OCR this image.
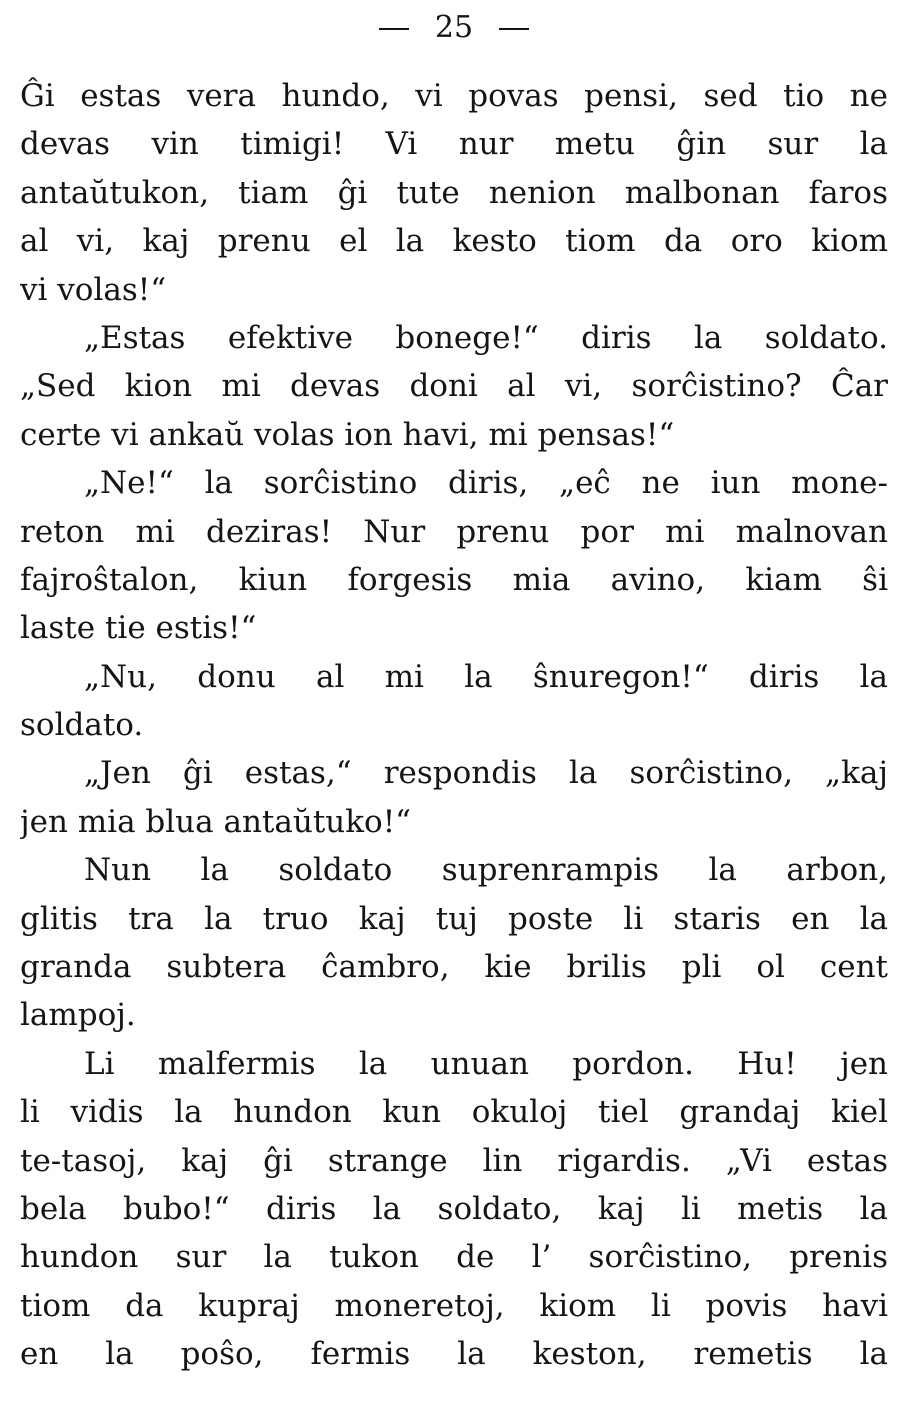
25
Ĝi estas vera hundo, vi povas pensi, sed tio ne
devas vin timigi! Vi nur metu ĝin sur la
antaŭtukon, tiam ĝi tute nenion malbonan faros
al vi, kaj prenu el la kesto tiom da oro kiom
vi volas!“
„Estas efektive bonege!“ diris la soldato.
„Sed kion mi devas doni al vi, sorĉistino? Ĉar
certe vi ankaŭ volas ion havi, mi pensas!“
„Ne!“ la sorĉistino diris, „eĉ ne iun mone-
reton mi deziras! Nur prenu por mi malnovan
fajroŝtalon, kiun forgesis mia avino, kiam ŝi
laste tie estis!“
„Nu, donu al mi la ŝnuregon!“ diris la
soldato.
„Jen ĝi estas,“ respondis la sorĉistino, „kaj
jen mia blua antaŭtuko!“
Nun la soldato suprenrampis la arbon,
glitis tra la truo kaj tuj poste li staris en la
granda subtera ĉambro, kie brilis pli ol cent
lampoj.
Li malfermis la unuan pordon. Hu! jen
li vidis la hundon kun okuloj tiel grandaj kiel
te-tasoj, kaj ĝi strange lin rigardis. „Vi estas
bela bubo!“ diris la soldato, kaj li metis la
hundon sur la tukon de l’ sorĉistino, prenis
tiom da kupraj moneretoj, kiom li povis havi
en la poŝo, fermis la keston, remetis la
